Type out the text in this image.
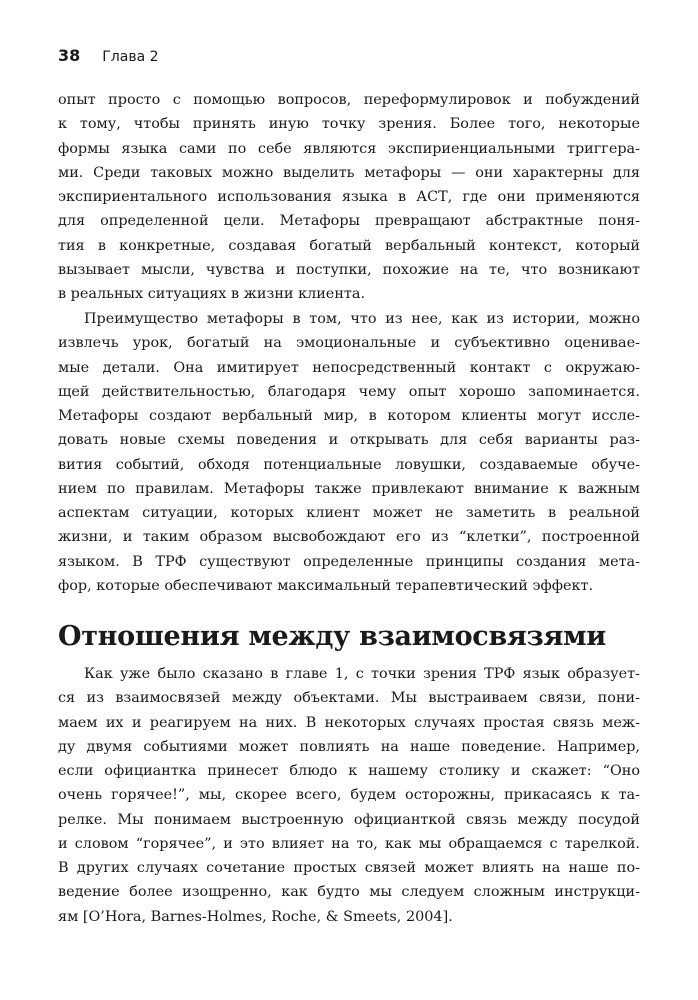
38 Глава 2
опыт просто с помощью вопросов, переформулировок и побуждений
к тому, чтобы принять иную точку зрения. Более того, некоторые
формы языка сами по себе являются экспириенциальными триггера-
ми. Среди таковых можно выделить метафоры — они характерны для
экспириентального использования языка в АСТ, где они применяются
для определенной цели. Метафоры превращают абстрактные поня-
тия в конкретные, создавая богатый вербальный контекст, который
вызывает мысли, чувства и поступки, похожие на те, что возникают
в реальных ситуациях в жизни клиента.
Преимущество метафоры в том, что из нее, как из истории, можно
извлечь урок, богатый на эмоциональные и субъективно оценивае-
мые детали. Она имитирует непосредственный контакт с окружаю-
щей действительностью, благодаря чему опыт хорошо запоминается.
Метафоры создают вербальный мир, в котором клиенты могут иссле-
довать новые схемы поведения и открывать для себя варианты раз-
вития событий, обходя потенциальные ловушки, создаваемые обуче-
нием по правилам. Метафоры также привлекают внимание к важным
аспектам ситуации, которых клиент может не заметить в реальной
жизни, и таким образом высвобождают его из “клетки”, построенной
языком. В ТРФ существуют определенные принципы создания мета-
фор, которые обеспечивают максимальный терапевтический эффект.
Отношения между взаимосвязями
Как уже было сказано в главе 1, с точки зрения ТРФ язык образует-
ся из взаимосвязей между объектами. Мы выстраиваем связи, пони-
маем их и реагируем на них. В некоторых случаях простая связь меж-
ду двумя событиями может повлиять на наше поведение. Например,
если официантка принесет блюдо к нашему столику и скажет: “Оно
очень горячее!”, мы, скорее всего, будем осторожны, прикасаясь к та-
релке. Мы понимаем выстроенную официанткой связь между посудой
и словом “горячее”, и это влияет на то, как мы обращаемся с тарелкой.
В других случаях сочетание простых связей может влиять на наше по-
ведение более изощренно, как будто мы следуем сложным инструкци-
ям [O’Hora, Barnes-Holmes, Roche, & Smeets, 2004].
